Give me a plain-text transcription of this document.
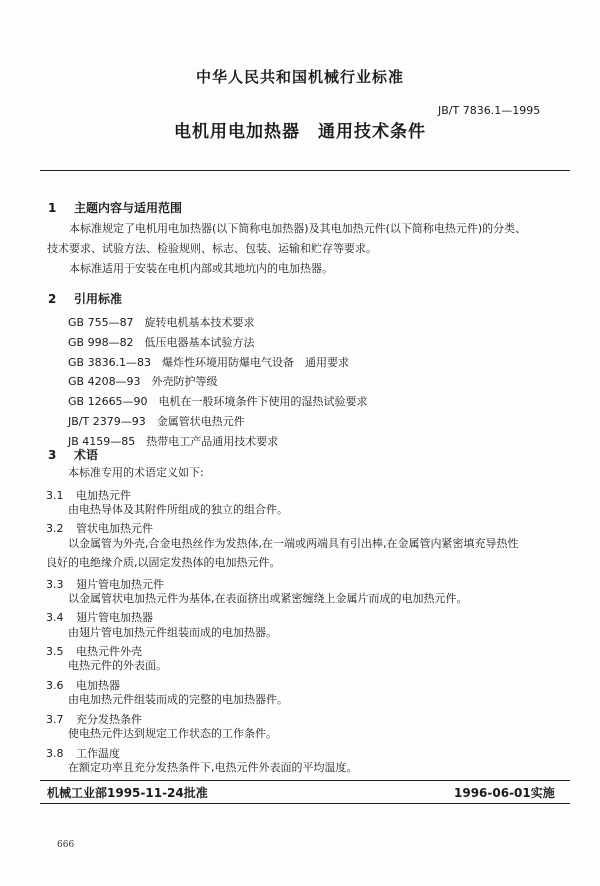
中华人民共和国机械行业标准
JB/T 7836.1—1995
电机用电加热器 通用技术条件
1 主题内容与适用范围
本标准规定了电机用电加热器(以下简称电加热器)及其电加热元件(以下简称电热元件)的分类、
技术要求、试验方法、检验规则、标志、包装、运输和贮存等要求。
本标准适用于安装在电机内部或其地坑内的电加热器。
2 引用标准
GB 755—87　旋转电机基本技术要求
GB 998—82　低压电器基本试验方法
GB 3836.1—83　爆炸性环境用防爆电气设备　通用要求
GB 4208—93　外壳防护等级
GB 12665—90　电机在一般环境条件下使用的湿热试验要求
JB/T 2379—93　金属管状电热元件
JB 4159—85　热带电工产品通用技术要求
3 术语
本标准专用的术语定义如下:
3.1 电加热元件
由电热导体及其附件所组成的独立的组合件。
3.2 管状电加热元件
以金属管为外壳,合金电热丝作为发热体,在一端或两端具有引出棒,在金属管内紧密填充导热性
良好的电绝缘介质,以固定发热体的电加热元件。
3.3 翅片管电加热元件
以金属管状电加热元件为基体,在表面挤出或紧密缠绕上金属片而成的电加热元件。
3.4 翅片管电加热器
由翅片管电加热元件组装而成的电加热器。
3.5 电热元件外壳
电热元件的外表面。
3.6 电加热器
由电加热元件组装而成的完整的电加热器件。
3.7 充分发热条件
使电热元件达到规定工作状态的工作条件。
3.8 工作温度
在额定功率且充分发热条件下,电热元件外表面的平均温度。
机械工业部1995-11-24批准	1996-06-01实施
666
